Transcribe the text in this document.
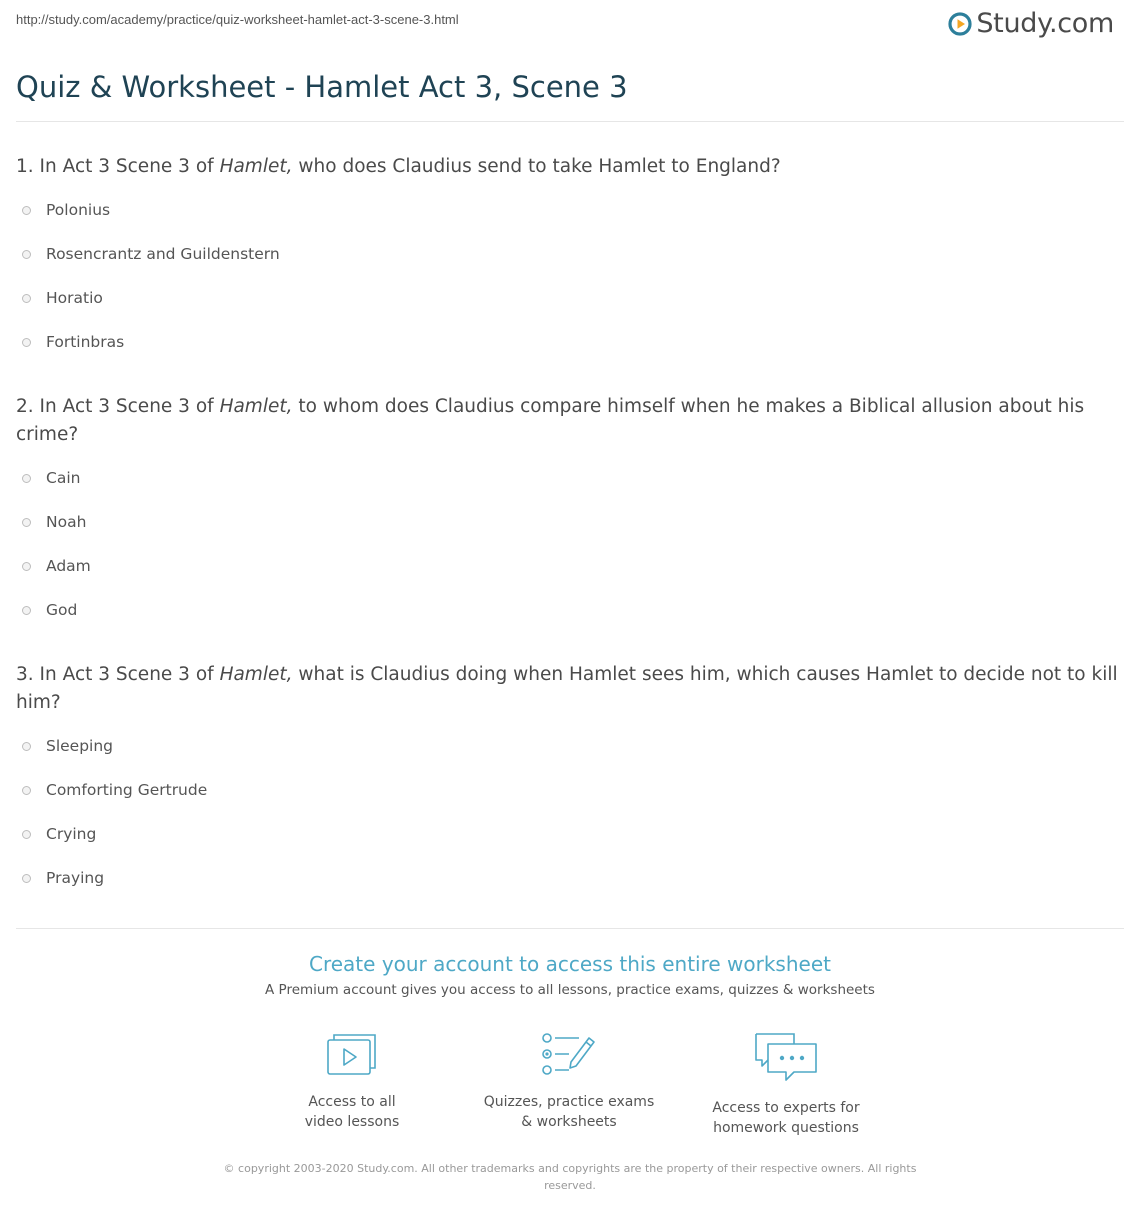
http://study.com/academy/practice/quiz-worksheet-hamlet-act-3-scene-3.html	Study.com
Quiz & Worksheet - Hamlet Act 3, Scene 3

1. In Act 3 Scene 3 of Hamlet, who does Claudius send to take Hamlet to England?

Polonius
Rosencrantz and Guildenstern
Horatio
Fortinbras

2. In Act 3 Scene 3 of Hamlet, to whom does Claudius compare himself when he makes a Biblical allusion about his crime?

Cain
Noah
Adam
God

3. In Act 3 Scene 3 of Hamlet, what is Claudius doing when Hamlet sees him, which causes Hamlet to decide not to kill him?

Sleeping
Comforting Gertrude
Crying
Praying
Create your account to access this entire worksheet
A Premium account gives you access to all lessons, practice exams, quizzes & worksheets
Access to all
video lessons
Quizzes, practice exams
& worksheets
Access to experts for
homework questions
© copyright 2003-2020 Study.com. All other trademarks and copyrights are the property of their respective owners. All rights reserved.
